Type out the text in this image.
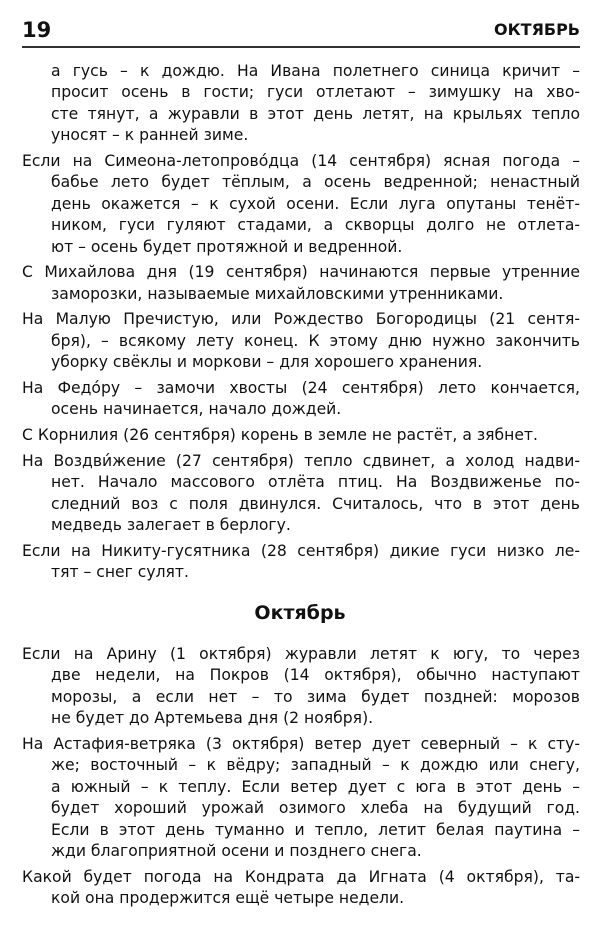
19	ОКТЯБРЬ
а гусь – к дождю. На Ивана полетнего синица кричит –
просит осень в гости; гуси отлетают – зимушку на хво-
сте тянут, а журавли в этот день летят, на крыльях тепло
уносят – к ранней зиме.
Если на Симеона-летопрово́дца (14 сентября) ясная погода –
бабье лето будет тёплым, а осень ведренной; ненастный
день окажется – к сухой осени. Если луга опутаны тенёт-
ником, гуси гуляют стадами, а скворцы долго не отлета-
ют – осень будет протяжной и ведренной.
С Михайлова дня (19 сентября) начинаются первые утренние
заморозки, называемые михайловскими утренниками.
На Малую Пречистую, или Рождество Богородицы (21 сентя-
бря), – всякому лету конец. К этому дню нужно закончить
уборку свёклы и моркови – для хорошего хранения.
На Федо́ру – замочи хвосты (24 сентября) лето кончается,
осень начинается, начало дождей.
С Корнилия (26 сентября) корень в земле не растёт, а зябнет.
На Воздви́жение (27 сентября) тепло сдвинет, а холод надви-
нет. Начало массового отлёта птиц. На Воздвиженье по-
следний воз с поля двинулся. Считалось, что в этот день
медведь залегает в берлогу.
Если на Никиту-гусятника (28 сентября) дикие гуси низко ле-
тят – снег сулят.
Октябрь
Если на Арину (1 октября) журавли летят к югу, то через
две недели, на Покров (14 октября), обычно наступают
морозы, а если нет – то зима будет поздней: морозов
не будет до Артемьева дня (2 ноября).
На Астафия-ветряка (3 октября) ветер дует северный – к сту-
же; восточный – к вёдру; западный – к дождю или снегу,
а южный – к теплу. Если ветер дует с юга в этот день –
будет хороший урожай озимого хлеба на будущий год.
Если в этот день туманно и тепло, летит белая паутина –
жди благоприятной осени и позднего снега.
Какой будет погода на Кондрата да Игната (4 октября), та-
кой она продержится ещё четыре недели.
